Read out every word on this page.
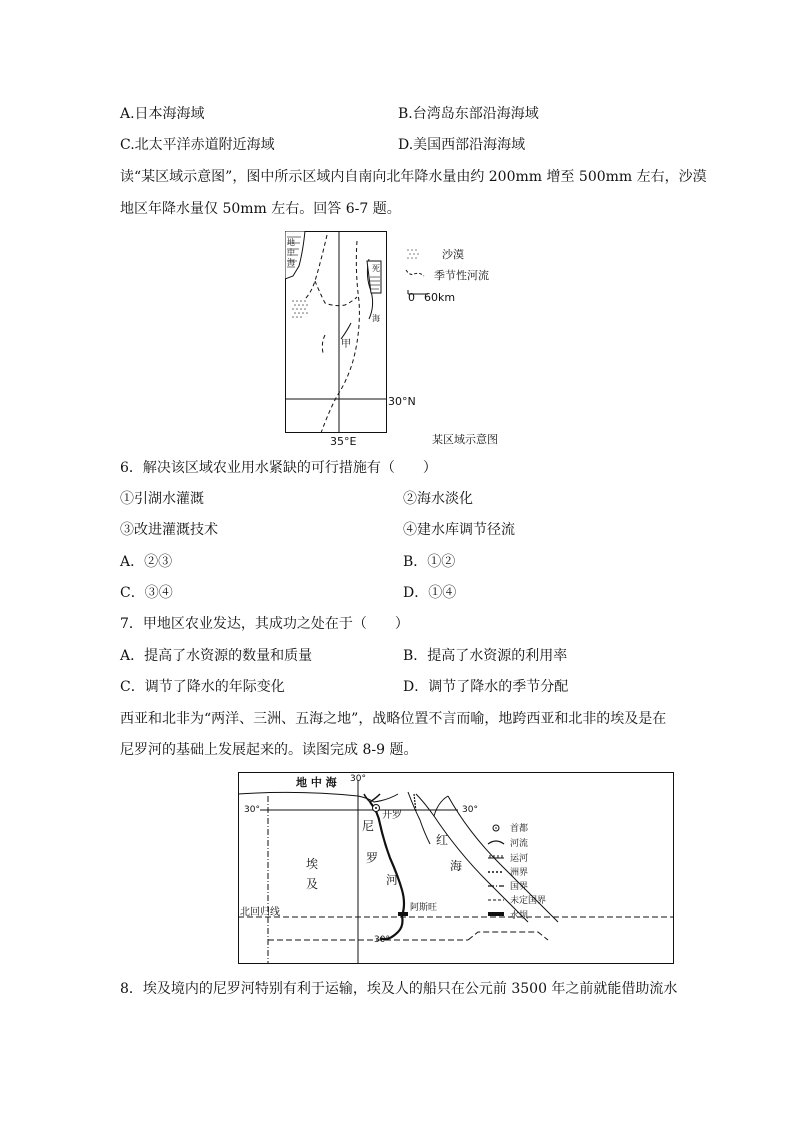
A.日本海海域	B.台湾岛东部沿海海域
C.北太平洋赤道附近海域	D.美国西部沿海海域
读“某区域示意图”，图中所示区域内自南向北年降水量由约 200mm 增至 500mm 左右，沙漠
地区年降水量仅 50mm 左右。回答 6-7 题。
地
中
海
死
海
甲
30°N
35°E	某区域示意图
沙漠
季节性河流
0 60km
6．解决该区域农业用水紧缺的可行措施有（　　）
①引湖水灌溉	②海水淡化
③改进灌溉技术	④建水库调节径流
A．②③	B．①②
C．③④	D．①④
7．甲地区农业发达，其成功之处在于（　　）
A．提高了水资源的数量和质量	B．提高了水资源的利用率
C．调节了降水的年际变化	D．调节了降水的季节分配
西亚和北非为“两洋、三洲、五海之地”，战略位置不言而喻，地跨西亚和北非的埃及是在
尼罗河的基础上发展起来的。读图完成 8-9 题。
地 中 海
30°	30°
30°
30°
开罗
阿斯旺
埃
及
尼
罗
河
红
海
北回归线
首都
河流
运河
洲界
国界
未定国界
水坝
8．埃及境内的尼罗河特别有利于运输，埃及人的船只在公元前 3500 年之前就能借助流水
